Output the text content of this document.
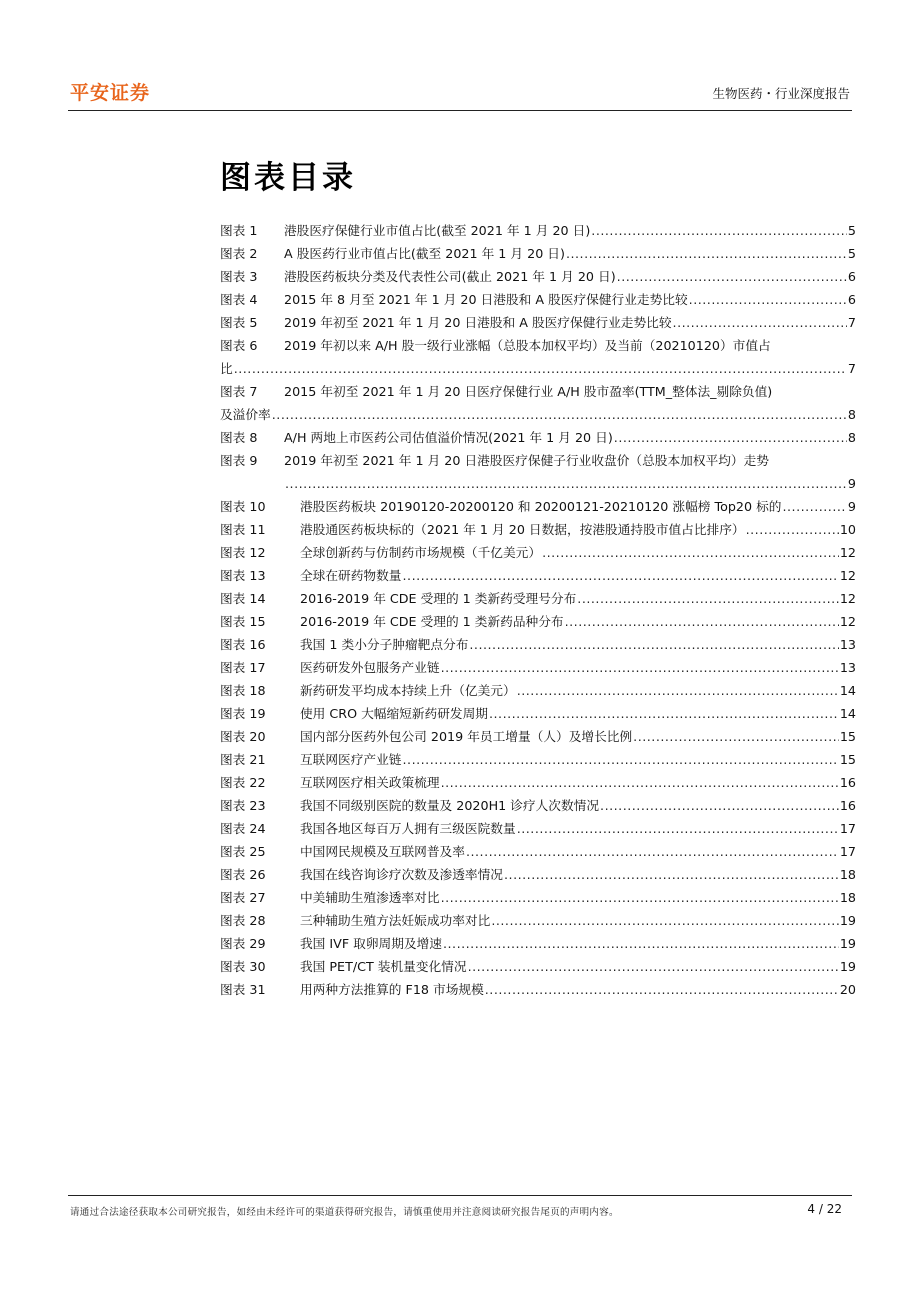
平安证券	生物医药・行业深度报告
图表目录
图表 1	港股医疗保健行业市值占比(截至 2021 年 1 月 20 日) .....	5
图表 2	A 股医药行业市值占比(截至 2021 年 1 月 20 日) .....	5
图表 3	港股医药板块分类及代表性公司(截止 2021 年 1 月 20 日) .....	6
图表 4	2015 年 8 月至 2021 年 1 月 20 日港股和 A 股医疗保健行业走势比较 .....	6
图表 5	2019 年初至 2021 年 1 月 20 日港股和 A 股医疗保健行业走势比较 .....	7
图表 6	2019 年初以来 A/H 股一级行业涨幅（总股本加权平均）及当前（20210120）市值占
比 .....	7
图表 7	2015 年初至 2021 年 1 月 20 日医疗保健行业 A/H 股市盈率(TTM_整体法_剔除负值)
及溢价率 .....	8
图表 8	A/H 两地上市医药公司估值溢价情况(2021 年 1 月 20 日) .....	8
图表 9	2019 年初至 2021 年 1 月 20 日港股医疗保健子行业收盘价（总股本加权平均）走势
.....
9
图表 10	港股医药板块 20190120-20200120 和 20200121-20210120 涨幅榜 Top20 标的 .....	9
图表 11	港股通医药板块标的（2021 年 1 月 20 日数据，按港股通持股市值占比排序） .....	10
图表 12	全球创新药与仿制药市场规模（千亿美元） .....	12
图表 13	全球在研药物数量 .....	12
图表 14	2016-2019 年 CDE 受理的 1 类新药受理号分布 .....	12
图表 15	2016-2019 年 CDE 受理的 1 类新药品种分布 .....	12
图表 16	我国 1 类小分子肿瘤靶点分布 .....	13
图表 17	医药研发外包服务产业链 .....	13
图表 18	新药研发平均成本持续上升（亿美元） .....	14
图表 19	使用 CRO 大幅缩短新药研发周期 .....	14
图表 20	国内部分医药外包公司 2019 年员工增量（人）及增长比例 .....	15
图表 21	互联网医疗产业链 .....	15
图表 22	互联网医疗相关政策梳理 .....	16
图表 23	我国不同级别医院的数量及 2020H1 诊疗人次数情况 .....	16
图表 24	我国各地区每百万人拥有三级医院数量 .....	17
图表 25	中国网民规模及互联网普及率 .....	17
图表 26	我国在线咨询诊疗次数及渗透率情况 .....	18
图表 27	中美辅助生殖渗透率对比 .....	18
图表 28	三种辅助生殖方法妊娠成功率对比 .....	19
图表 29	我国 IVF 取卵周期及增速 .....	19
图表 30	我国 PET/CT 装机量变化情况 .....	19
图表 31	用两种方法推算的 F18 市场规模 .....	20
请通过合法途径获取本公司研究报告，如经由未经许可的渠道获得研究报告，请慎重使用并注意阅读研究报告尾页的声明内容。	4 / 22
